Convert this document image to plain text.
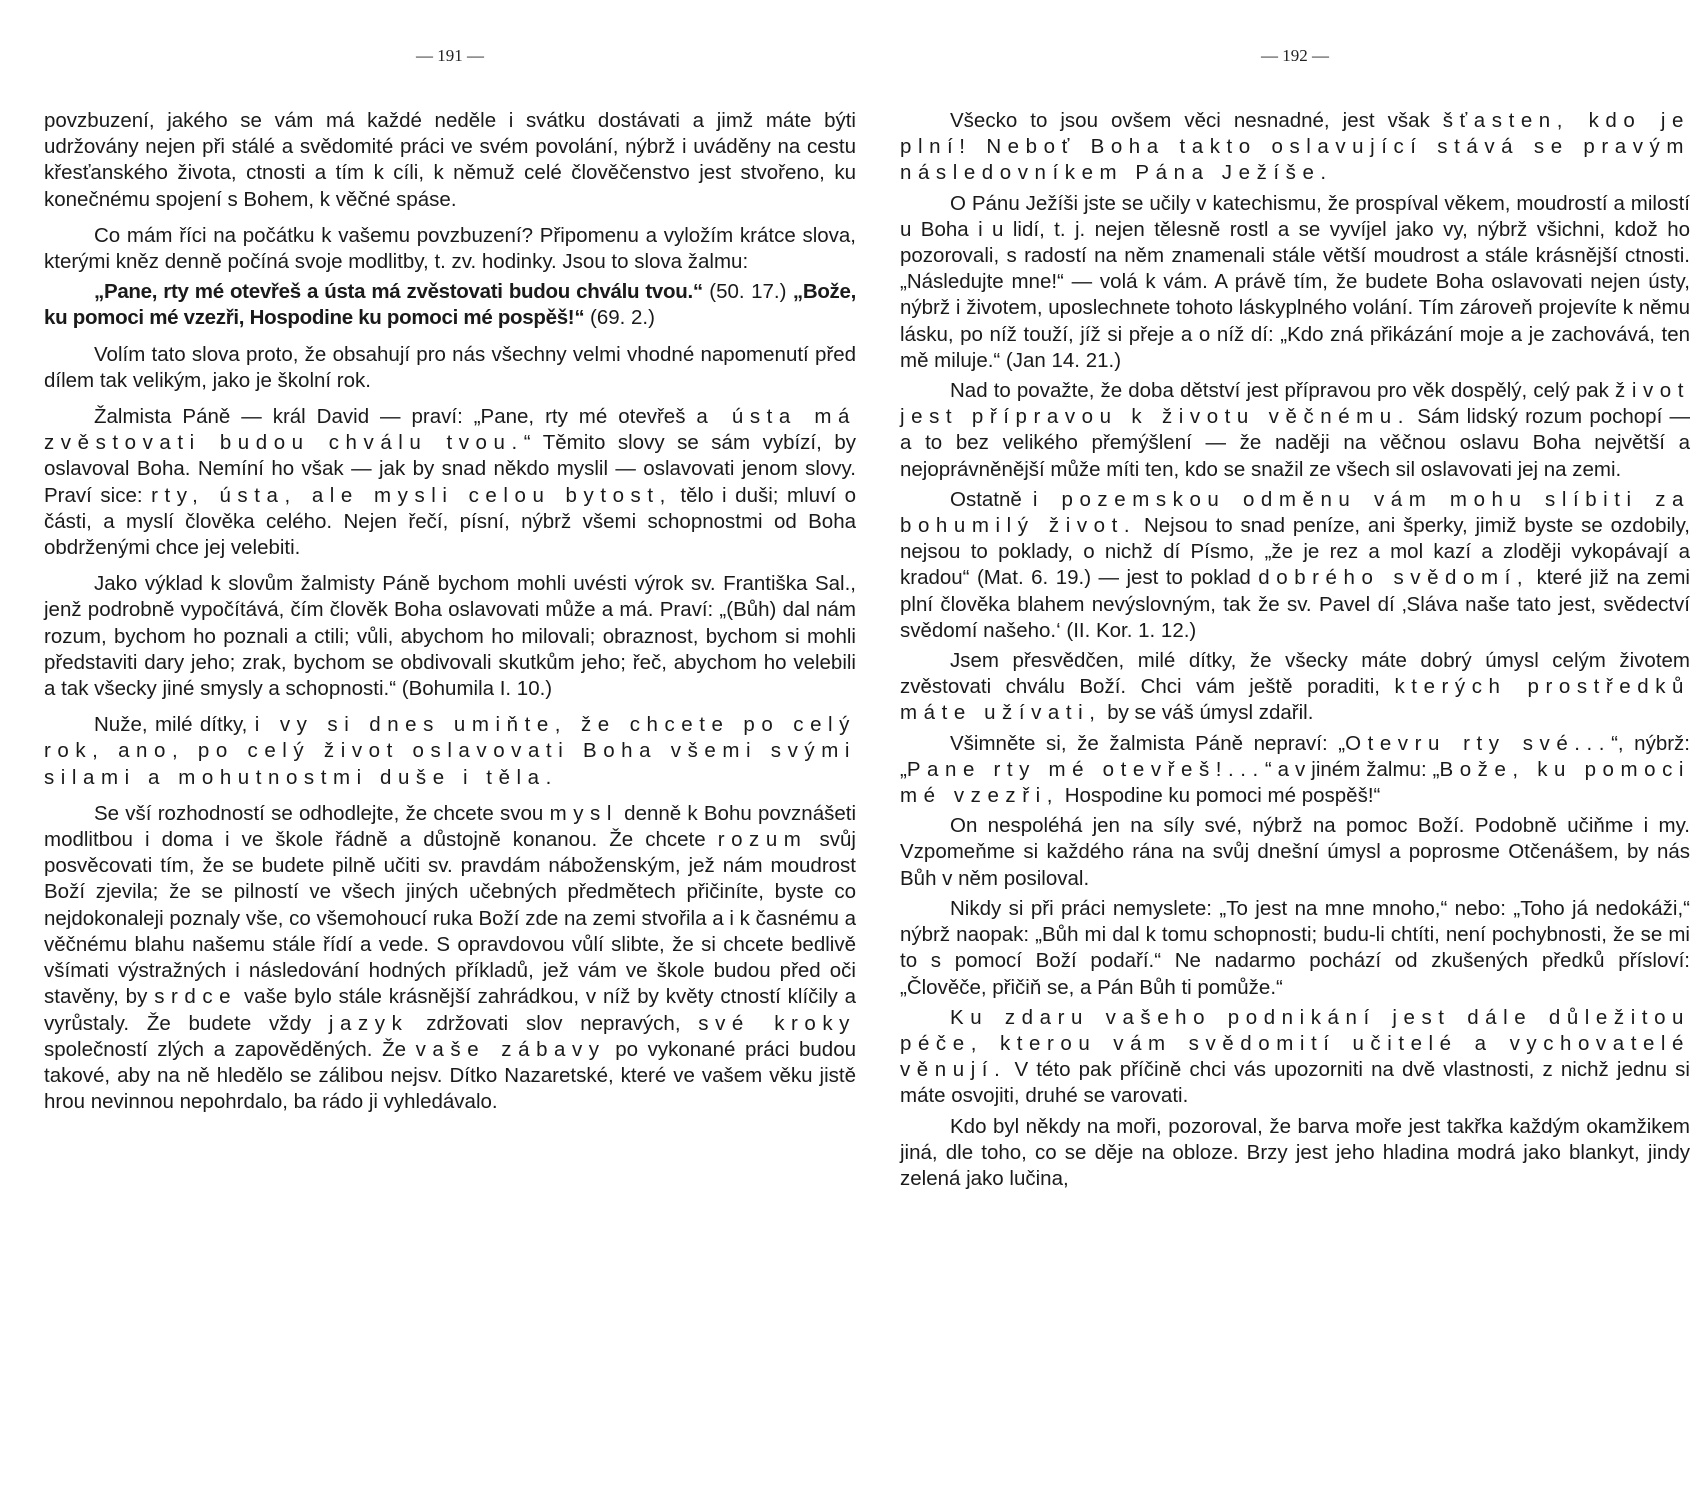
— 191 —

povzbuzení, jakého se vám má každé neděle i svátku dostávati a jimž máte býti udržovány nejen při stálé a svědomité práci ve svém povolání, nýbrž i uváděny na cestu křesťanského života, ctnosti a tím k cíli, k němuž celé člověčenstvo jest stvořeno, ku konečnému spojení s Bohem, k věčné spáse.

Co mám říci na počátku k vašemu povzbuzení? Připomenu a vyložím krátce slova, kterými kněz denně počíná svoje modlitby, t. zv. hodinky. Jsou to slova žalmu:

„Pane, rty mé otevřeš a ústa má zvěstovati budou chválu tvou.“ (50. 17.) „Bože, ku pomoci mé vzezři, Hospodine ku pomoci mé pospěš!“ (69. 2.)

Volím tato slova proto, že obsahují pro nás všechny velmi vhodné napomenutí před dílem tak velikým, jako je školní rok.

Žalmista Páně — král David — praví: „Pane, rty mé otevřeš a ústa má zvěstovati budou chválu tvou.“ Těmito slovy se sám vybízí, by oslavoval Boha. Nemíní ho však — jak by snad někdo myslil — oslavovati jenom slovy. Praví sice: rty, ústa, ale mysli celou bytost, tělo i duši; mluví o části, a myslí člověka celého. Nejen řečí, písní, nýbrž všemi schopnostmi od Boha obdrženými chce jej velebiti.

Jako výklad k slovům žalmisty Páně bychom mohli uvésti výrok sv. Františka Sal., jenž podrobně vypočítává, čím člověk Boha oslavovati může a má. Praví: „(Bůh) dal nám rozum, bychom ho poznali a ctili; vůli, abychom ho milovali; obraznost, bychom si mohli představiti dary jeho; zrak, bychom se obdivovali skutkům jeho; řeč, abychom ho velebili a tak všecky jiné smysly a schopnosti.“ (Bohumila I. 10.)

Nuže, milé dítky, i vy si dnes umiňte, že chcete po celý rok, ano, po celý život oslavovati Boha všemi svými silami a mohutnostmi duše i těla.

Se vší rozhodností se odhodlejte, že chcete svou mysl denně k Bohu povznášeti modlitbou i doma i ve škole řádně a důstojně konanou. Že chcete rozum svůj posvěcovati tím, že se budete pilně učiti sv. pravdám náboženským, jež nám moudrost Boží zjevila; že se pilností ve všech jiných učebných předmětech přičiníte, byste co nejdokonaleji poznaly vše, co všemohoucí ruka Boží zde na zemi stvořila a i k časnému a věčnému blahu našemu stále řídí a vede. S opravdovou vůlí slibte, že si chcete bedlivě všímati výstražných i následování hodných příkladů, jež vám ve škole budou před oči stavěny, by srdce vaše bylo stále krásnější zahrádkou, v níž by květy ctností klíčily a vyrůstaly. Že budete vždy jazyk zdržovati slov nepravých, své kroky společností zlých a zapověděných. Že vaše zábavy po vykonané práci budou takové, aby na ně hledělo se zálibou nejsv. Dítko Nazaretské, které ve vašem věku jistě hrou nevinnou nepohrdalo, ba rádo ji vyhledávalo.

— 192 —

Všecko to jsou ovšem věci nesnadné, jest však šťasten, kdo je plní! Neboť Boha takto oslavující stává se pravým následovníkem Pána Ježíše.

O Pánu Ježíši jste se učily v katechismu, že prospíval věkem, moudrostí a milostí u Boha i u lidí, t. j. nejen tělesně rostl a se vyvíjel jako vy, nýbrž všichni, kdož ho pozorovali, s radostí na něm znamenali stále větší moudrost a stále krásnější ctnosti. „Následujte mne!“ — volá k vám. A právě tím, že budete Boha oslavovati nejen ústy, nýbrž i životem, uposlechnete tohoto láskyplného volání. Tím zároveň projevíte k němu lásku, po níž touží, jíž si přeje a o níž dí: „Kdo zná přikázání moje a je zachovává, ten mě miluje.“ (Jan 14. 21.)

Nad to považte, že doba dětství jest přípravou pro věk dospělý, celý pak život jest přípravou k životu věčnému. Sám lidský rozum pochopí — a to bez velikého přemýšlení — že naději na věčnou oslavu Boha největší a nejoprávněnější může míti ten, kdo se snažil ze všech sil oslavovati jej na zemi.

Ostatně i pozemskou odměnu vám mohu slíbiti za bohumilý život. Nejsou to snad peníze, ani šperky, jimiž byste se ozdobily, nejsou to poklady, o nichž dí Písmo, „že je rez a mol kazí a zloději vykopávají a kradou“ (Mat. 6. 19.) — jest to poklad dobrého svědomí, které již na zemi plní člověka blahem nevýslovným, tak že sv. Pavel dí ‚Sláva naše tato jest, svědectví svědomí našeho.‘ (II. Kor. 1. 12.)

Jsem přesvědčen, milé dítky, že všecky máte dobrý úmysl celým životem zvěstovati chválu Boží. Chci vám ještě poraditi, kterých prostředků máte užívati, by se váš úmysl zdařil.

Všimněte si, že žalmista Páně nepraví: „Otevru rty své...“, nýbrž: „Pane rty mé otevřeš!...“ a v jiném žalmu: „Bože, ku pomoci mé vzezři, Hospodine ku pomoci mé pospěš!“

On nespoléhá jen na síly své, nýbrž na pomoc Boží. Podobně učiňme i my. Vzpomeňme si každého rána na svůj dnešní úmysl a poprosme Otčenášem, by nás Bůh v něm posiloval.

Nikdy si při práci nemyslete: „To jest na mne mnoho,“ nebo: „Toho já nedokáži,“ nýbrž naopak: „Bůh mi dal k tomu schopnosti; budu-li chtíti, není pochybnosti, že se mi to s pomocí Boží podaří.“ Ne nadarmo pochází od zkušených předků přísloví: „Člověče, přičiň se, a Pán Bůh ti pomůže.“

Ku zdaru vašeho podnikání jest dále důležitou péče, kterou vám svědomití učitelé a vychovatelé věnují. V této pak příčině chci vás upozorniti na dvě vlastnosti, z nichž jednu si máte osvojiti, druhé se varovati.

Kdo byl někdy na moři, pozoroval, že barva moře jest takřka každým okamžikem jiná, dle toho, co se děje na obloze. Brzy jest jeho hladina modrá jako blankyt, jindy zelená jako lučina,
